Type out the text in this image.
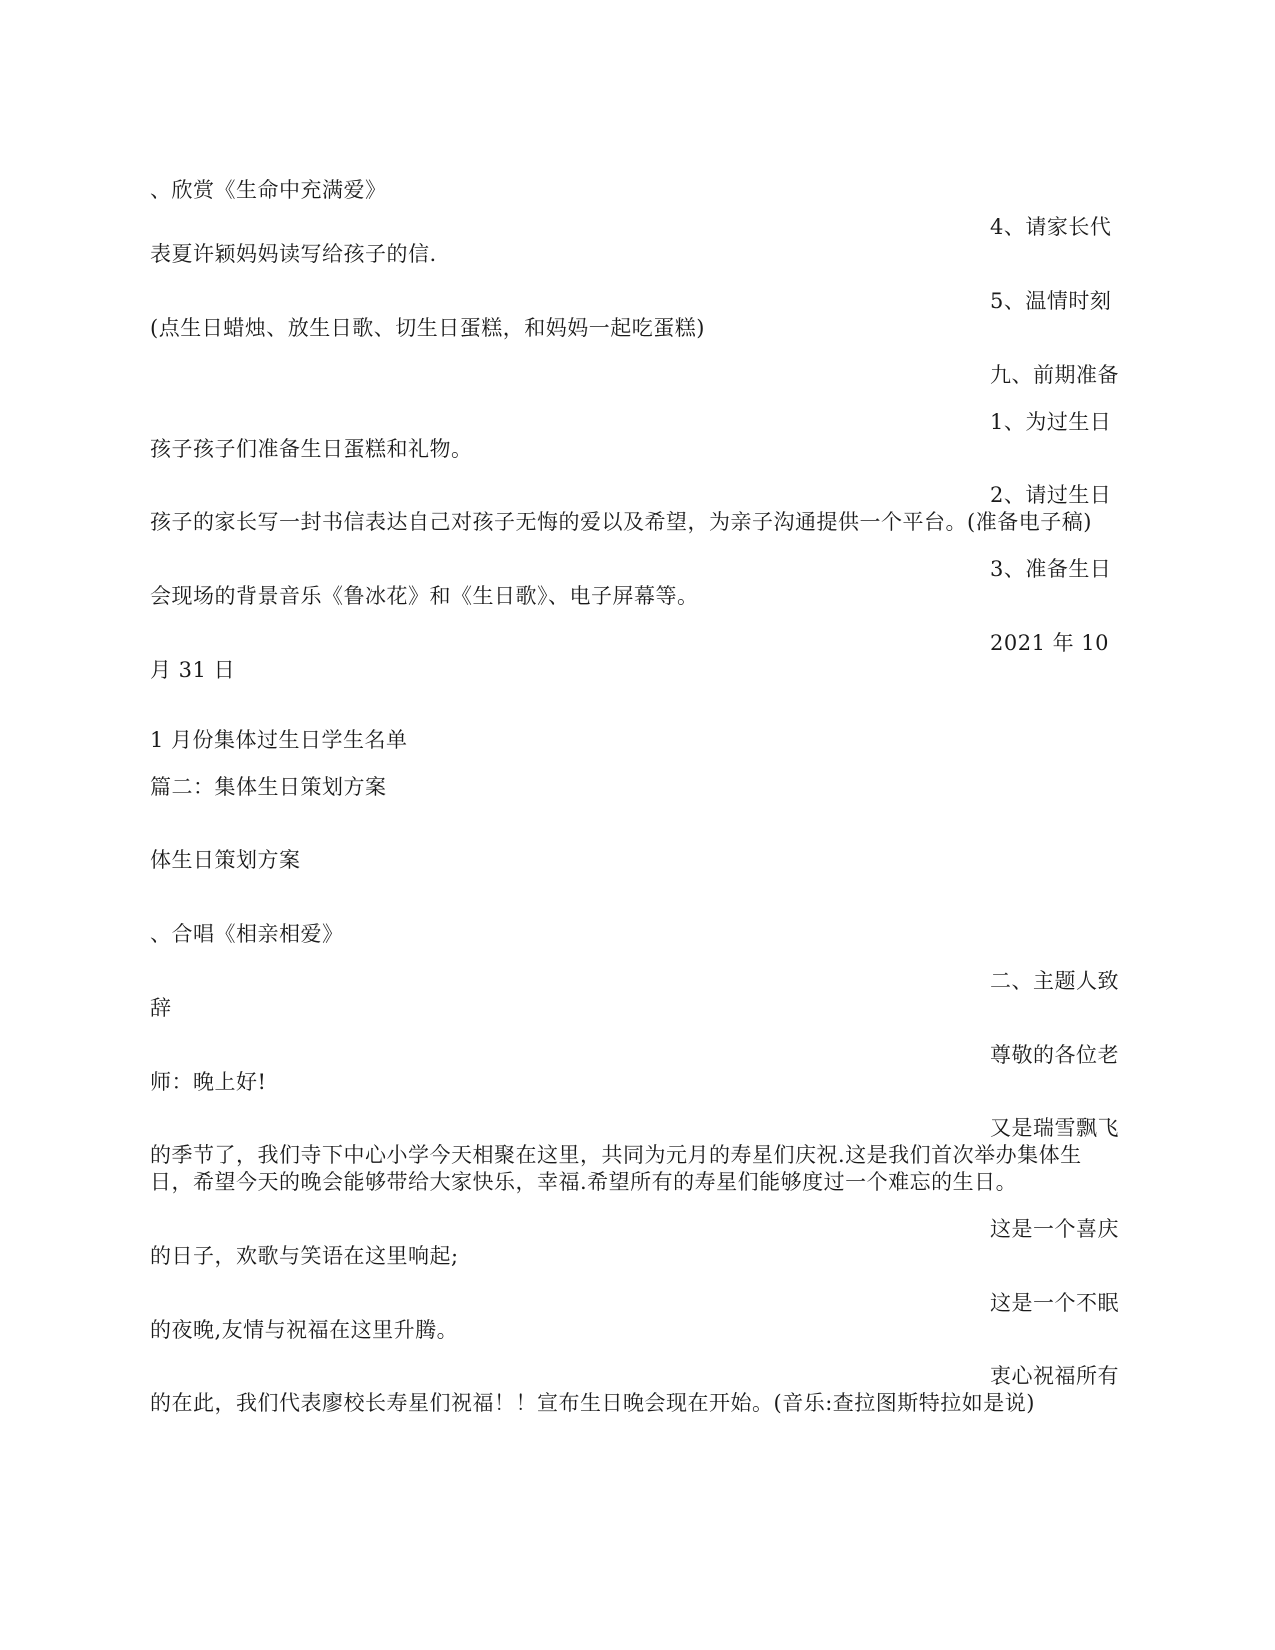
、欣赏《生命中充满爱》
4、请家长代
表夏许颖妈妈读写给孩子的信.
5、温情时刻
(点生日蜡烛、放生日歌、切生日蛋糕，和妈妈一起吃蛋糕)
九、前期准备
1、为过生日
孩子孩子们准备生日蛋糕和礼物。
2、请过生日
孩子的家长写一封书信表达自己对孩子无悔的爱以及希望，为亲子沟通提供一个平台。(准备电子稿)
3、准备生日
会现场的背景音乐《鲁冰花》和《生日歌》、电子屏幕等。
2021 年 10
月 31 日
1 月份集体过生日学生名单
篇二：集体生日策划方案
体生日策划方案
、合唱《相亲相爱》
二、主题人致
辞
尊敬的各位老
师：晚上好!
又是瑞雪飘飞
的季节了，我们寺下中心小学今天相聚在这里，共同为元月的寿星们庆祝.这是我们首次举办集体生
日，希望今天的晚会能够带给大家快乐，幸福.希望所有的寿星们能够度过一个难忘的生日。
这是一个喜庆
的日子，欢歌与笑语在这里响起;
这是一个不眠
的夜晚,友情与祝福在这里升腾。
衷心祝福所有
的在此，我们代表廖校长寿星们祝福！！宣布生日晚会现在开始。(音乐:查拉图斯特拉如是说)
